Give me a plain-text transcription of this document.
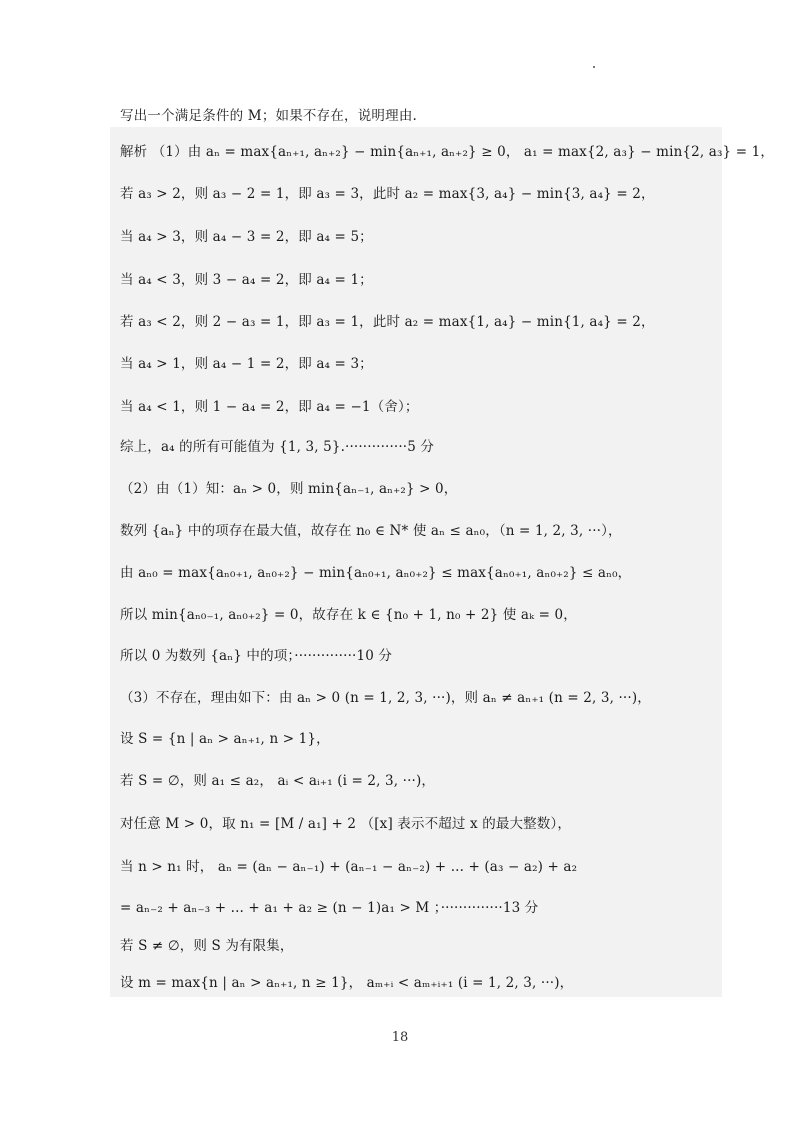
写出一个满足条件的 M；如果不存在，说明理由.
解析 （1）由 aₙ = max{aₙ₊₁, aₙ₊₂} − min{aₙ₊₁, aₙ₊₂} ≥ 0， a₁ = max{2, a₃} − min{2, a₃} = 1，
若 a₃ > 2，则 a₃ − 2 = 1，即 a₃ = 3，此时 a₂ = max{3, a₄} − min{3, a₄} = 2，
当 a₄ > 3，则 a₄ − 3 = 2，即 a₄ = 5；
当 a₄ < 3，则 3 − a₄ = 2，即 a₄ = 1；
若 a₃ < 2，则 2 − a₃ = 1，即 a₃ = 1，此时 a₂ = max{1, a₄} − min{1, a₄} = 2，
当 a₄ > 1，则 a₄ − 1 = 2，即 a₄ = 3；
当 a₄ < 1，则 1 − a₄ = 2，即 a₄ = −1（舍）；
综上，a₄ 的所有可能值为 {1, 3, 5}.··············5 分
（2）由（1）知：aₙ > 0，则 min{aₙ₋₁, aₙ₊₂} > 0，
数列 {aₙ} 中的项存在最大值，故存在 n₀ ∈ N* 使 aₙ ≤ aₙ₀，（n = 1, 2, 3, ···），
由 aₙ₀ = max{aₙ₀₊₁, aₙ₀₊₂} − min{aₙ₀₊₁, aₙ₀₊₂} ≤ max{aₙ₀₊₁, aₙ₀₊₂} ≤ aₙ₀，
所以 min{aₙ₀₋₁, aₙ₀₊₂} = 0，故存在 k ∈ {n₀ + 1, n₀ + 2} 使 aₖ = 0，
所以 0 为数列 {aₙ} 中的项；··············10 分
（3）不存在，理由如下：由 aₙ > 0 (n = 1, 2, 3, ···)，则 aₙ ≠ aₙ₊₁ (n = 2, 3, ···)，
设 S = {n | aₙ > aₙ₊₁, n > 1}，
若 S = ∅，则 a₁ ≤ a₂， aᵢ < aᵢ₊₁ (i = 2, 3, ···)，
对任意 M > 0，取 n₁ = [M / a₁] + 2 （[x] 表示不超过 x 的最大整数），
当 n > n₁ 时， aₙ = (aₙ − aₙ₋₁) + (aₙ₋₁ − aₙ₋₂) + ... + (a₃ − a₂) + a₂
= aₙ₋₂ + aₙ₋₃ + ... + a₁ + a₂ ≥ (n − 1)a₁ > M ；··············13 分
若 S ≠ ∅，则 S 为有限集，
设 m = max{n | aₙ > aₙ₊₁, n ≥ 1}， aₘ₊ᵢ < aₘ₊ᵢ₊₁ (i = 1, 2, 3, ···)，
18
